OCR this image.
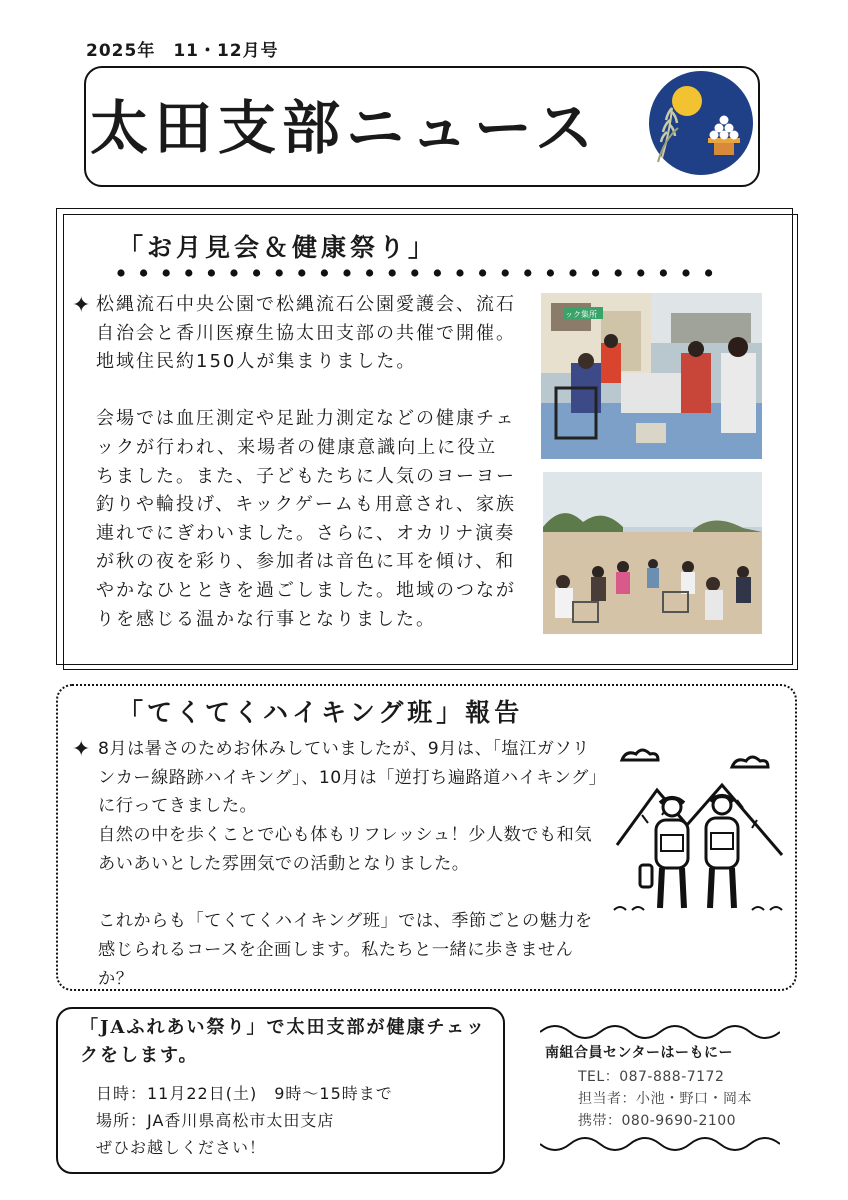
2025年　11・12月号
太田支部ニュース
「お月見会＆健康祭り」
✦ 松縄流石中央公園で松縄流石公園愛護会、流石自治会と香川医療生協太田支部の共催で開催。地域住民約150人が集まりました。

会場では血圧測定や足趾力測定などの健康チェックが行われ、来場者の健康意識向上に役立ちました。また、子どもたちに人気のヨーヨー釣りや輪投げ、キックゲームも用意され、家族連れでにぎわいました。さらに、オカリナ演奏が秋の夜を彩り、参加者は音色に耳を傾け、和やかなひとときを過ごしました。地域のつながりを感じる温かな行事となりました。
ック集所
「てくてくハイキング班」報告
✦ 8月は暑さのためお休みしていましたが、9月は、「塩江ガソリンカー線路跡ハイキング」、10月は「逆打ち遍路道ハイキング」に行ってきました。
自然の中を歩くことで心も体もリフレッシュ！少人数でも和気あいあいとした雰囲気での活動となりました。

これからも「てくてくハイキング班」では、季節ごとの魅力を感じられるコースを企画します。私たちと一緒に歩きませんか？
「JAふれあい祭り」で太田支部が健康チェックをします。
日時：11月22日(土)　9時〜15時まで
場所：JA香川県高松市太田支店
ぜひお越しください！
南組合員センターはーもにー
TEL：087-888-7172
担当者：小池・野口・岡本
携帯：080-9690-2100
